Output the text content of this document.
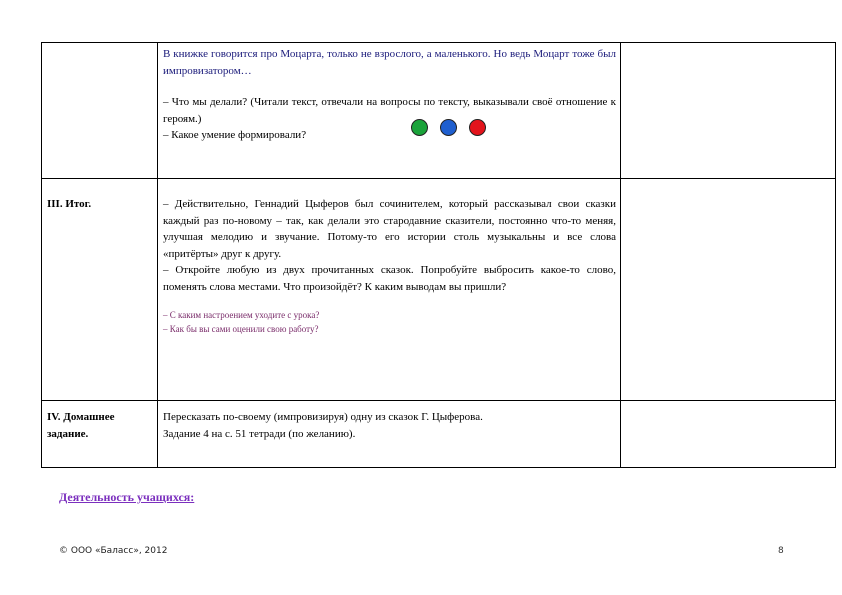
	В книжке говорится про Моцарта, только не взрослого, а маленького. Но ведь Моцарт тоже был импровизатором…

– Что мы делали? (Читали текст, отвечали на вопросы по тексту, выказывали своё отношение к героям.)

– Какое умение формировали?	

III. Итог.	– Действительно, Геннадий Цыферов был сочинителем, который рассказывал свои сказки каждый раз по-новому – так, как делали это стародавние сказители, постоянно что-то меняя, улучшая мелодию и звучание. Потому-то его истории столь музыкальны и все слова «притёрты» друг к другу.

– Откройте любую из двух прочитанных сказок. Попробуйте выбросить какое-то слово, поменять слова местами. Что произойдёт? К каким выводам вы пришли?

– С каким настроением уходите с урока?

– Как бы вы сами оценили свою работу?	

IV. Домашнее задание.	Пересказать по-своему (импровизируя) одну из сказок Г. Цыферова.

Задание 4 на с. 51 тетради (по желанию).	

Деятельность учащихся:
© ООО «Баласс», 2012	8
